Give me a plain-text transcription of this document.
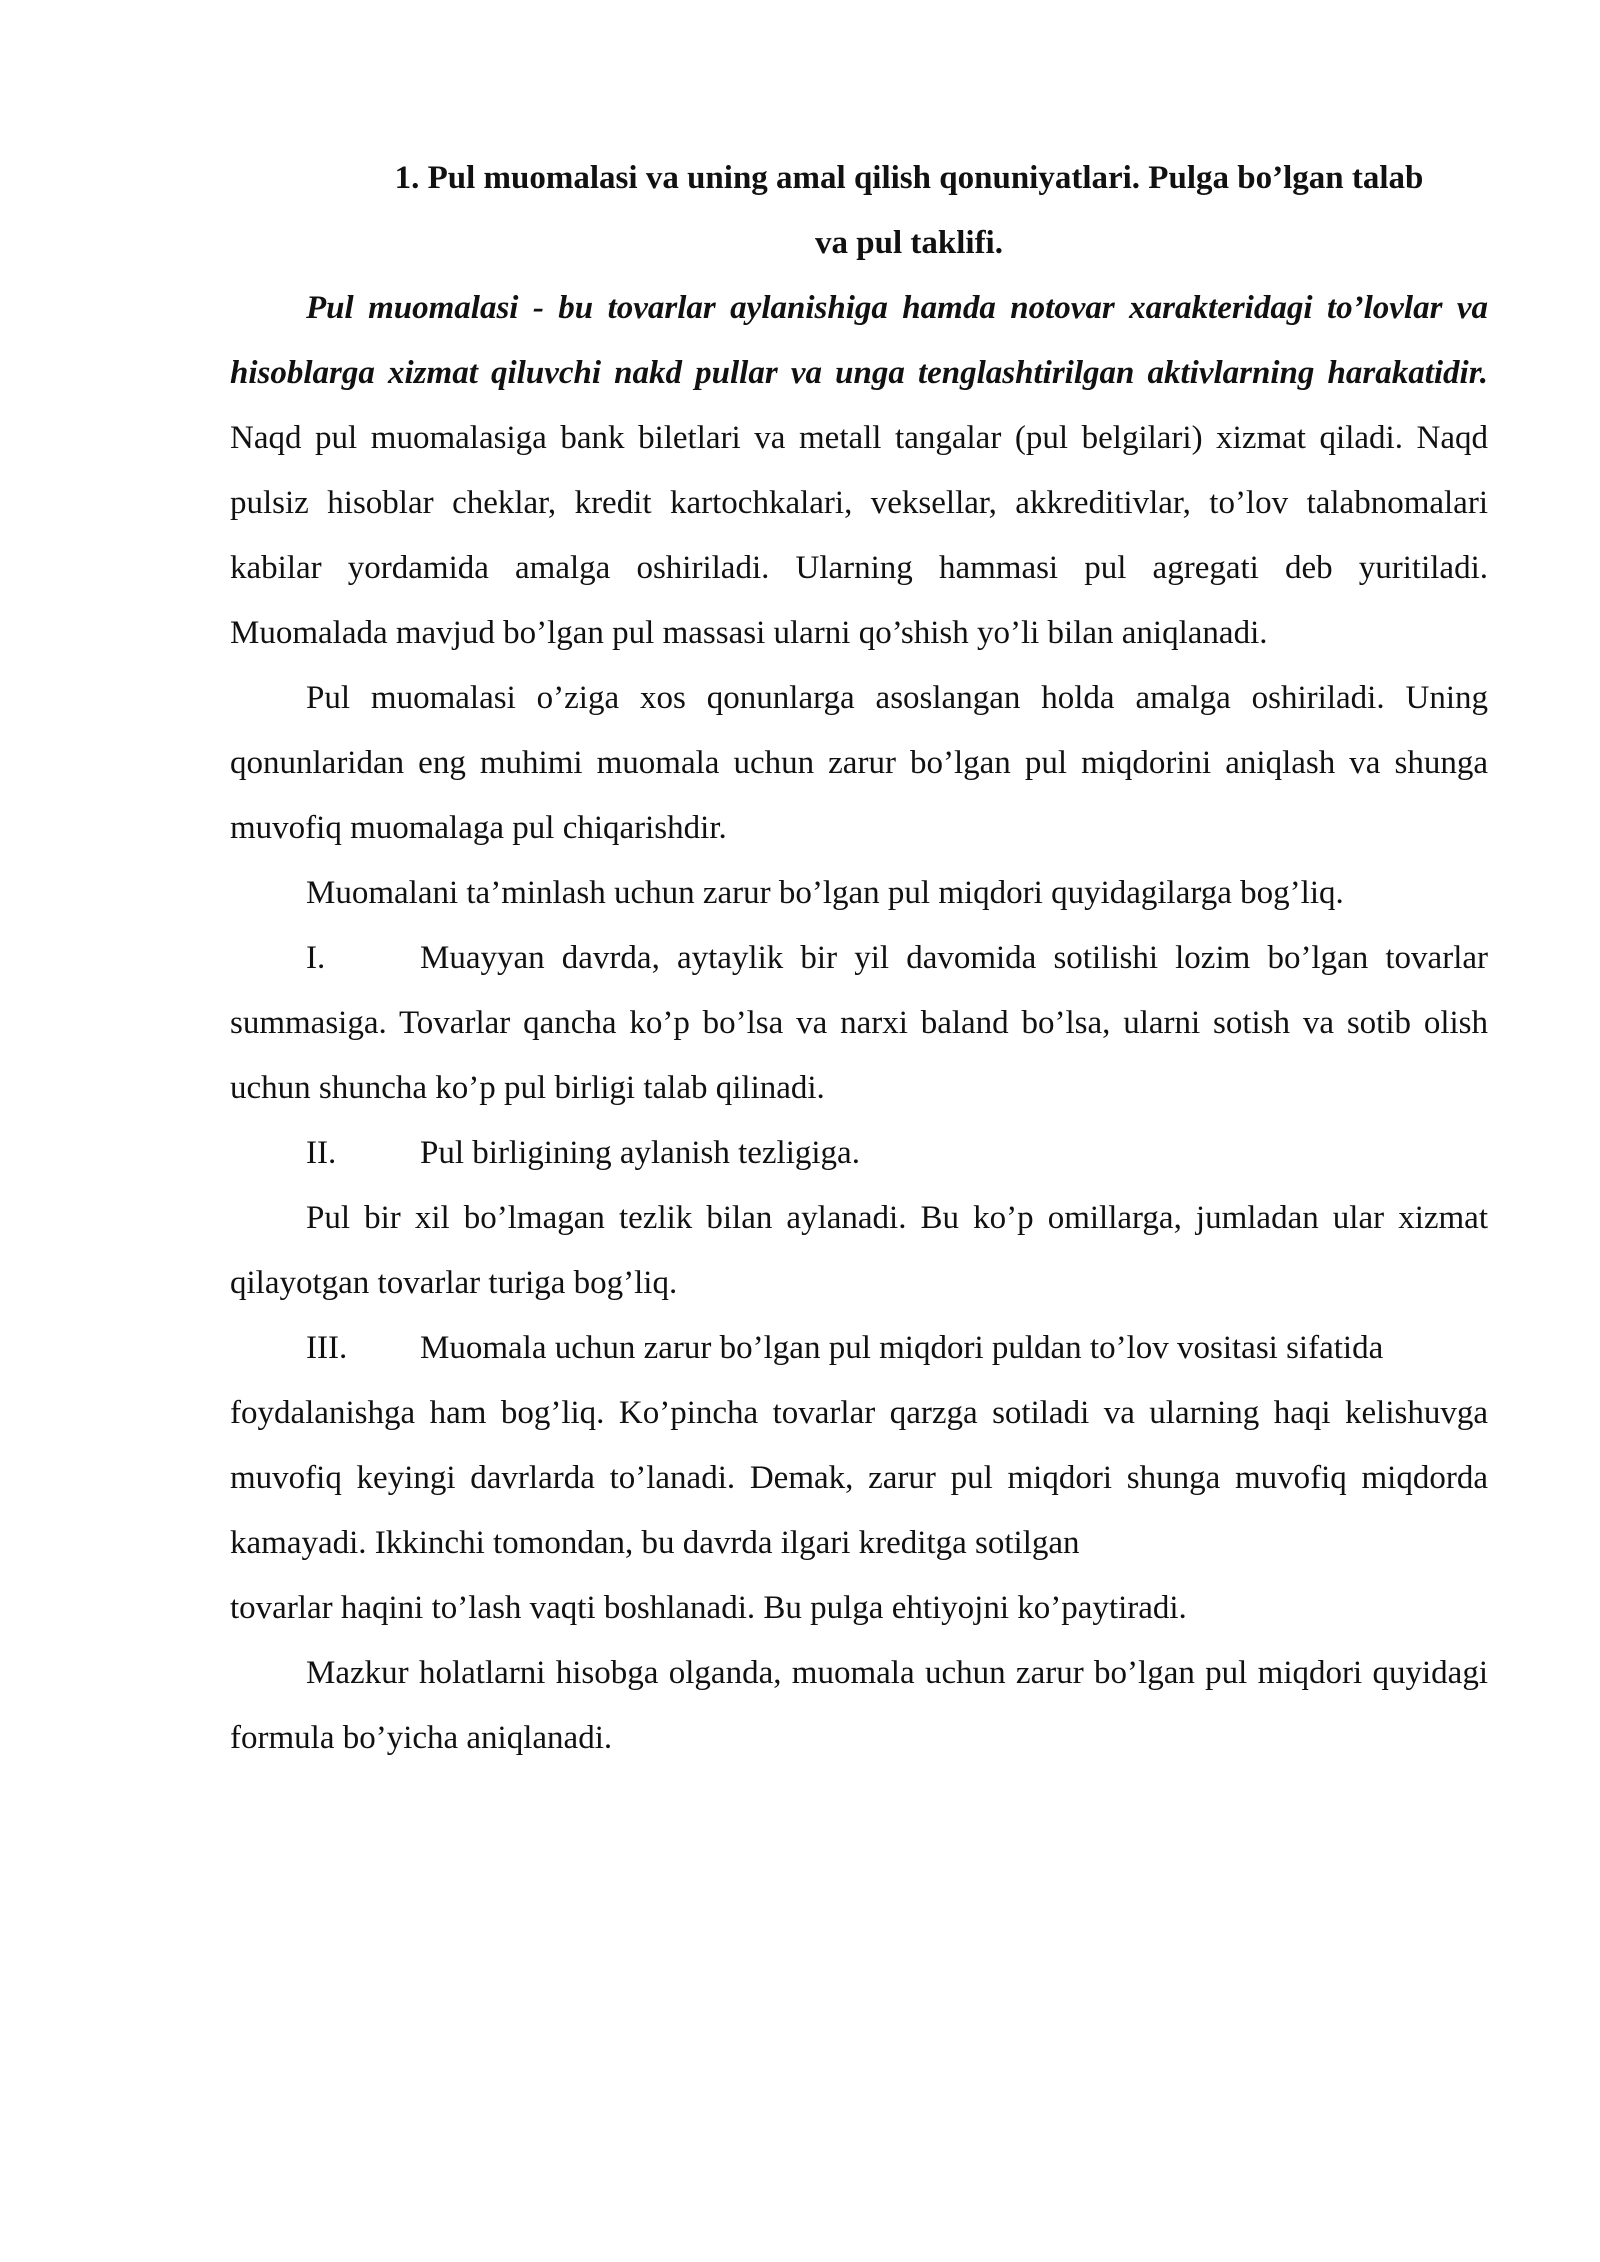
1. Pul muomalasi va uning amal qilish qonuniyatlari. Pulga bo’lgan talab
va pul taklifi.

Pul muomalasi - bu tovarlar aylanishiga hamda notovar xarakteridagi to’lovlar va hisoblarga xizmat qiluvchi nakd pullar va unga tenglashtirilgan aktivlarning harakatidir. Naqd pul muomalasiga bank biletlari va metall tangalar (pul belgilari) xizmat qiladi. Naqd pulsiz hisoblar cheklar, kredit kartochkalari, veksellar, akkreditivlar, to’lov talabnomalari kabilar yordamida amalga oshiriladi. Ularning hammasi pul agregati deb yuritiladi. Muomalada mavjud bo’lgan pul massasi ularni qo’shish yo’li bilan aniqlanadi.

Pul muomalasi o’ziga xos qonunlarga asoslangan holda amalga oshiriladi. Uning qonunlaridan eng muhimi muomala uchun zarur bo’lgan pul miqdorini aniqlash va shunga muvofiq muomalaga pul chiqarishdir.

Muomalani ta’minlash uchun zarur bo’lgan pul miqdori quyidagilarga bog’liq.

I.	Muayyan davrda, aytaylik bir yil davomida sotilishi lozim bo’lgan tovarlar summasiga. Tovarlar qancha ko’p bo’lsa va narxi baland bo’lsa, ularni sotish va sotib olish uchun shuncha ko’p pul birligi talab qilinadi.

II.	Pul birligining aylanish tezligiga.

Pul bir xil bo’lmagan tezlik bilan aylanadi. Bu ko’p omillarga, jumladan ular xizmat qilayotgan tovarlar turiga bog’liq.

III. Muomala uchun zarur bo’lgan pul miqdori puldan to’lov vositasi sifatida

foydalanishga ham bog’liq. Ko’pincha tovarlar qarzga sotiladi va ularning haqi kelishuvga muvofiq keyingi davrlarda to’lanadi. Demak, zarur pul miqdori shunga muvofiq miqdorda kamayadi. Ikkinchi tomondan, bu davrda ilgari kreditga sotilgan

tovarlar haqini to’lash vaqti boshlanadi. Bu pulga ehtiyojni ko’paytiradi.

Mazkur holatlarni hisobga olganda, muomala uchun zarur bo’lgan pul miqdori quyidagi formula bo’yicha aniqlanadi.
